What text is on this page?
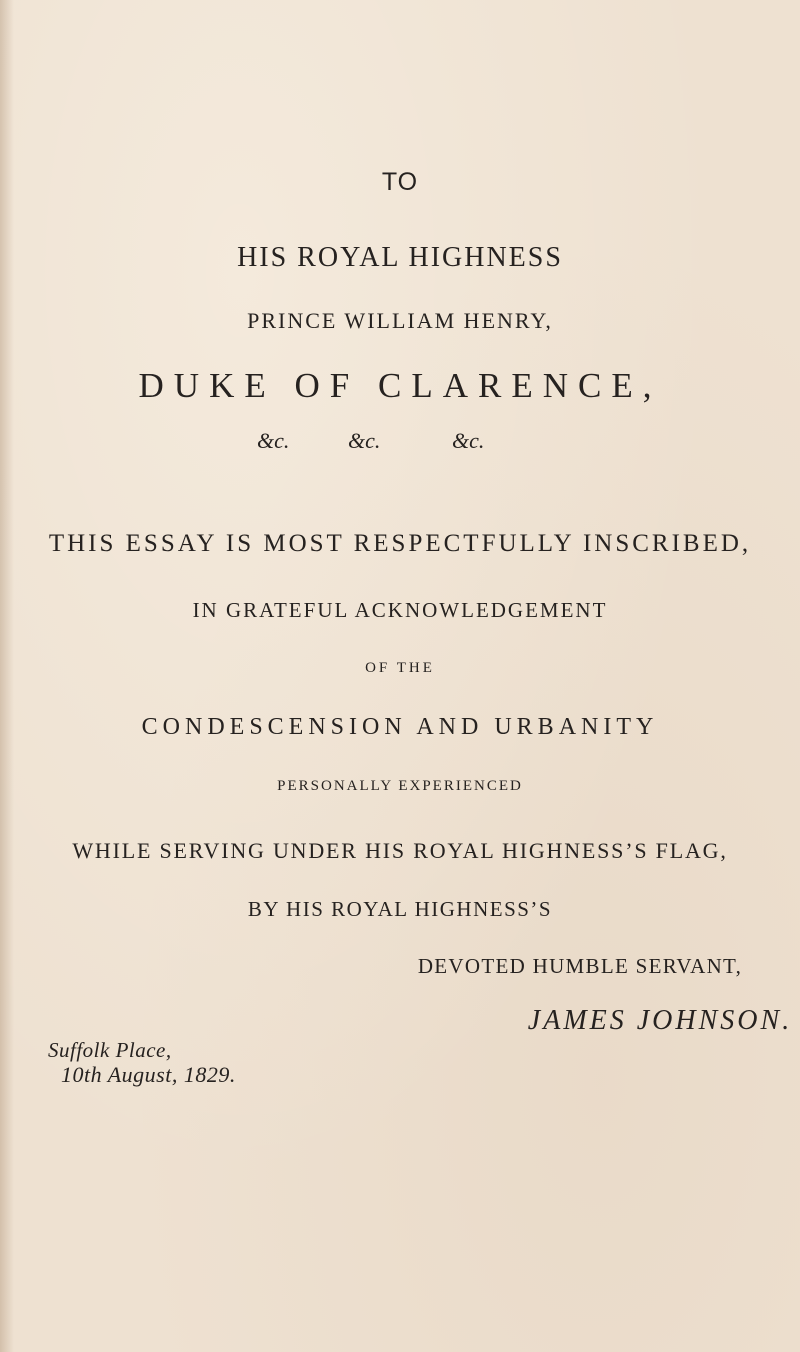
TO
HIS ROYAL HIGHNESS
PRINCE WILLIAM HENRY,
DUKE OF CLARENCE,
&c.	&c.	&c.
THIS ESSAY IS MOST RESPECTFULLY INSCRIBED,
IN GRATEFUL ACKNOWLEDGEMENT
OF THE
CONDESCENSION AND URBANITY
PERSONALLY EXPERIENCED
WHILE SERVING UNDER HIS ROYAL HIGHNESS’S FLAG,
BY HIS ROYAL HIGHNESS’S
DEVOTED HUMBLE SERVANT,
JAMES JOHNSON.
Suffolk Place,
10th August, 1829.
